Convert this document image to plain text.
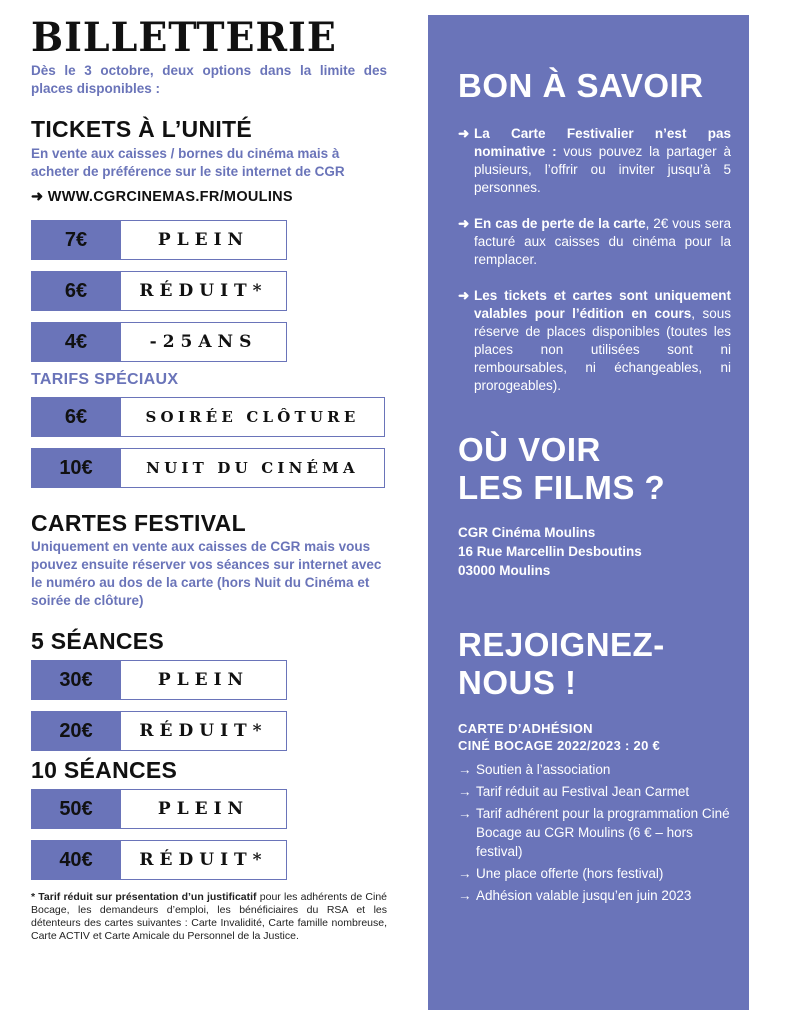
BILLETTERIE
Dès le 3 octobre, deux options dans la limite des places disponibles :
TICKETS À L’UNITÉ
En vente aux caisses / bornes du cinéma mais à acheter de préférence sur le site internet de CGR
➜ WWW.CGRCINEMAS.FR/MOULINS
7€	PLEIN
6€	RÉDUIT*
4€	-25ANS
TARIFS SPÉCIAUX
6€	SOIRÉE CLÔTURE
10€	NUIT DU CINÉMA
CARTES FESTIVAL
Uniquement en vente aux caisses de CGR mais vous pouvez ensuite réserver vos séances sur internet avec le numéro au dos de la carte (hors Nuit du Cinéma et soirée de clôture)
5 SÉANCES
30€	PLEIN
20€	RÉDUIT*
10 SÉANCES
50€	PLEIN
40€	RÉDUIT*
* Tarif réduit sur présentation d’un justificatif pour les adhérents de Ciné Bocage, les demandeurs d’emploi, les bénéficiaires du RSA et les détenteurs des cartes suivantes : Carte Invalidité, Carte famille nombreuse, Carte ACTIV et Carte Amicale du Personnel de la Justice.
BON À SAVOIR
➜ La Carte Festivalier n’est pas nominative : vous pouvez la partager à plusieurs, l’offrir ou inviter jusqu’à 5 personnes.
➜ En cas de perte de la carte, 2€ vous sera facturé aux caisses du cinéma pour la remplacer.
➜ Les tickets et cartes sont uniquement valables pour l’édition en cours, sous réserve de places disponibles (toutes les places non utilisées sont ni remboursables, ni échangeables, ni prorogeables).
OÙ VOIR
LES FILMS ?
CGR Cinéma Moulins
16 Rue Marcellin Desboutins
03000 Moulins
REJOIGNEZ-
NOUS !
CARTE D’ADHÉSION
CINÉ BOCAGE 2022/2023 : 20 €
→ Soutien à l’association
→ Tarif réduit au Festival Jean Carmet
→ Tarif adhérent pour la programmation Ciné Bocage au CGR Moulins (6 € – hors festival)
→ Une place offerte (hors festival)
→ Adhésion valable jusqu’en juin 2023
